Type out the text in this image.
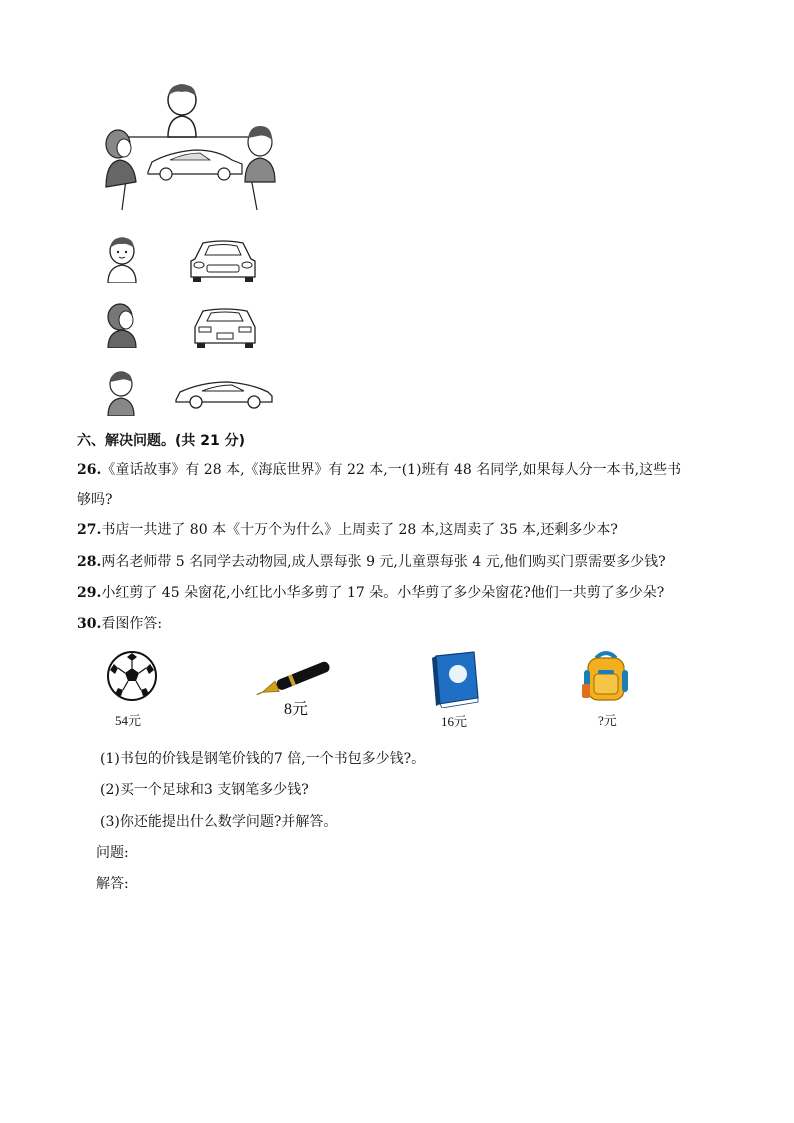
六、解决问题。(共 21 分)
26.《童话故事》有 28 本,《海底世界》有 22 本,一(1)班有 48 名同学,如果每人分一本书,这些书
够吗?
27.书店一共进了 80 本《十万个为什么》上周卖了 28 本,这周卖了 35 本,还剩多少本?
28.两名老师带 5 名同学去动物园,成人票每张 9 元,儿童票每张 4 元,他们购买门票需要多少钱?
29.小红剪了 45 朵窗花,小红比小华多剪了 17 朵。小华剪了多少朵窗花?他们一共剪了多少朵?
30.看图作答:
54元
8元
16元	?元
(1)书包的价钱是钢笔价钱的7 倍,一个书包多少钱?。
(2)买一个足球和3 支钢笔多少钱?
(3)你还能提出什么数学问题?并解答。
问题:
解答:
